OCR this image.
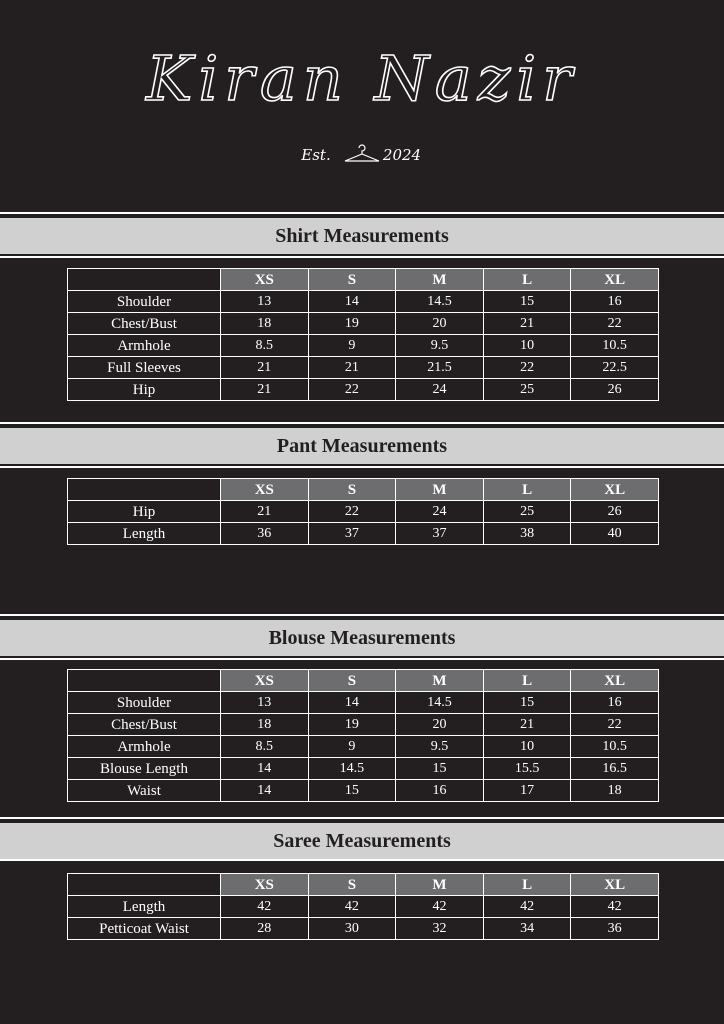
Kiran Nazir
Est.	2024
Shirt Measurements
	XS	S	M	L	XL
Shoulder	13	14	14.5	15	16
Chest/Bust	18	19	20	21	22
Armhole	8.5	9	9.5	10	10.5
Full Sleeves	21	21	21.5	22	22.5
Hip	21	22	24	25	26
Pant Measurements
	XS	S	M	L	XL
Hip	21	22	24	25	26
Length	36	37	37	38	40
Blouse Measurements
	XS	S	M	L	XL
Shoulder	13	14	14.5	15	16
Chest/Bust	18	19	20	21	22
Armhole	8.5	9	9.5	10	10.5
Blouse Length	14	14.5	15	15.5	16.5
Waist	14	15	16	17	18
Saree Measurements
	XS	S	M	L	XL
Length	42	42	42	42	42
Petticoat Waist	28	30	32	34	36
